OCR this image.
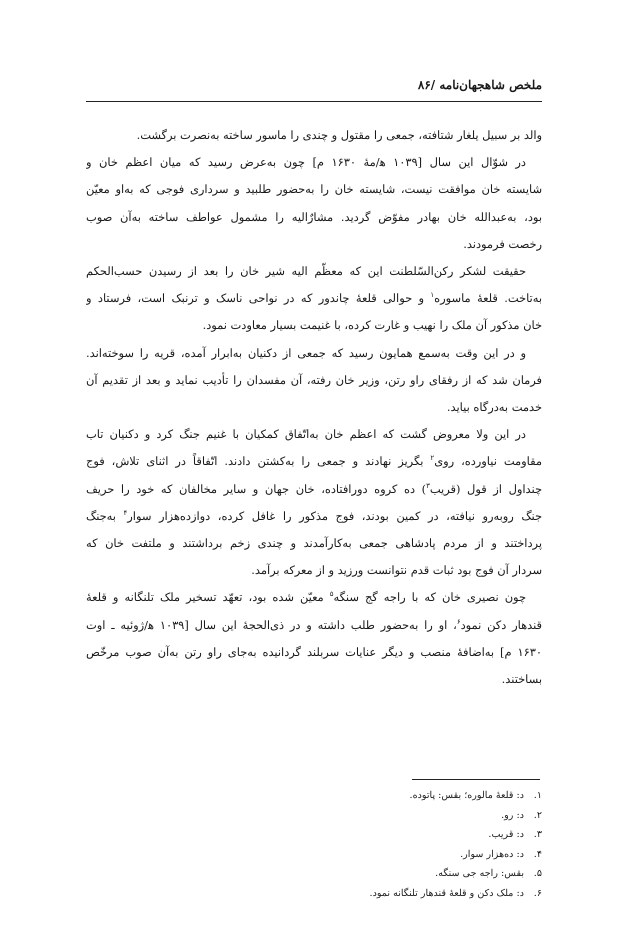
ملخص شاهجهان‌نامه /۸۶

والد بر سبیل یلغار شتافته، جمعی را مقتول و چندی را ماسور ساخته به‌نصرت برگشت.

در شوّال این سال [۱۰۳۹ ﻫ/مهٔ ۱۶۳۰ م] چون به‌عرض رسید که میان اعظم خان و
شایسته خان موافقت نیست، شایسته خان را به‌حضور طلبید و سرداری فوجی که به‌او معیّن
بود، به‌عبدالله خان بهادر مفوّض گردید. مشارٌالیه را مشمول عواطف ساخته به‌آن صوب
رخصت فرمودند.

حقیقت لشکر رکن‌السّلطنت این که معظّم الیه شیر خان را بعد از رسیدن حسب‌الحکم
به‌تاخت. قلعهٔ ماسوره$^۱$ و حوالی قلعهٔ چاندور که در نواحی ناسک و ترنبک است، فرستاد و
خان مذکور آن ملک را نهیب و غارت کرده، با غنیمت بسیار معاودت نمود.

و در این وقت به‌سمع همایون رسید که جمعی از دکنیان به‌ابرار آمده، قریه را سوخته‌اند.
فرمان شد که از رفقای راو رتن، وزیر خان رفته، آن مفسدان را تأدیب نماید و بعد از تقدیم آن
خدمت به‌درگاه بیاید.

در این ولا معروض گشت که اعظم خان به‌اتّفاق کمکیان با غنیم جنگ کرد و دکنیان تاب
مقاومت نیاورده، روی$^۲$ بگریز نهادند و جمعی را به‌کشتن دادند. اتّفاقاً در اثنای تلاش، فوج
چنداول از قول (قریب$^۳$) ده کروه دورافتاده، خان جهان و سایر مخالفان که خود را حریف
جنگ روبه‌رو نیافته، در کمین بودند، فوج مذکور را غافل کرده، دوازده‌هزار سوار$^۴$ به‌جنگ
پرداختند و از مردم پادشاهی جمعی به‌کارآمدند و چندی زخم برداشتند و ملتفت خان که
سردار آن فوج بود ثبات قدم نتوانست ورزید و از معرکه برآمد.

چون نصیری خان که با راجه گج سنگه$^۵$ معیّن شده بود، تعهّد تسخیر ملک تلنگانه و قلعهٔ
قندهار دکن نمود$^۶$، او را به‌حضور طلب داشته و در ذی‌الحجهٔ این سال [۱۰۳۹ ﻫ/ژوئیه ـ اوت
۱۶۳۰ م] به‌اضافهٔ منصب و دیگر عنایات سربلند گردانیده به‌جای راو رتن به‌آن صوب مرخّص
بساختند.

۱.د: قلعهٔ مالوره؛ بقس: پاتوده.
۲.د: رو.
۳.د: قریب.
۴.د: ده‌هزار سوار.
۵.بقس: راجه جی سنگه.
۶.د: ملک دکن و قلعهٔ قندهار تلنگانه نمود.
